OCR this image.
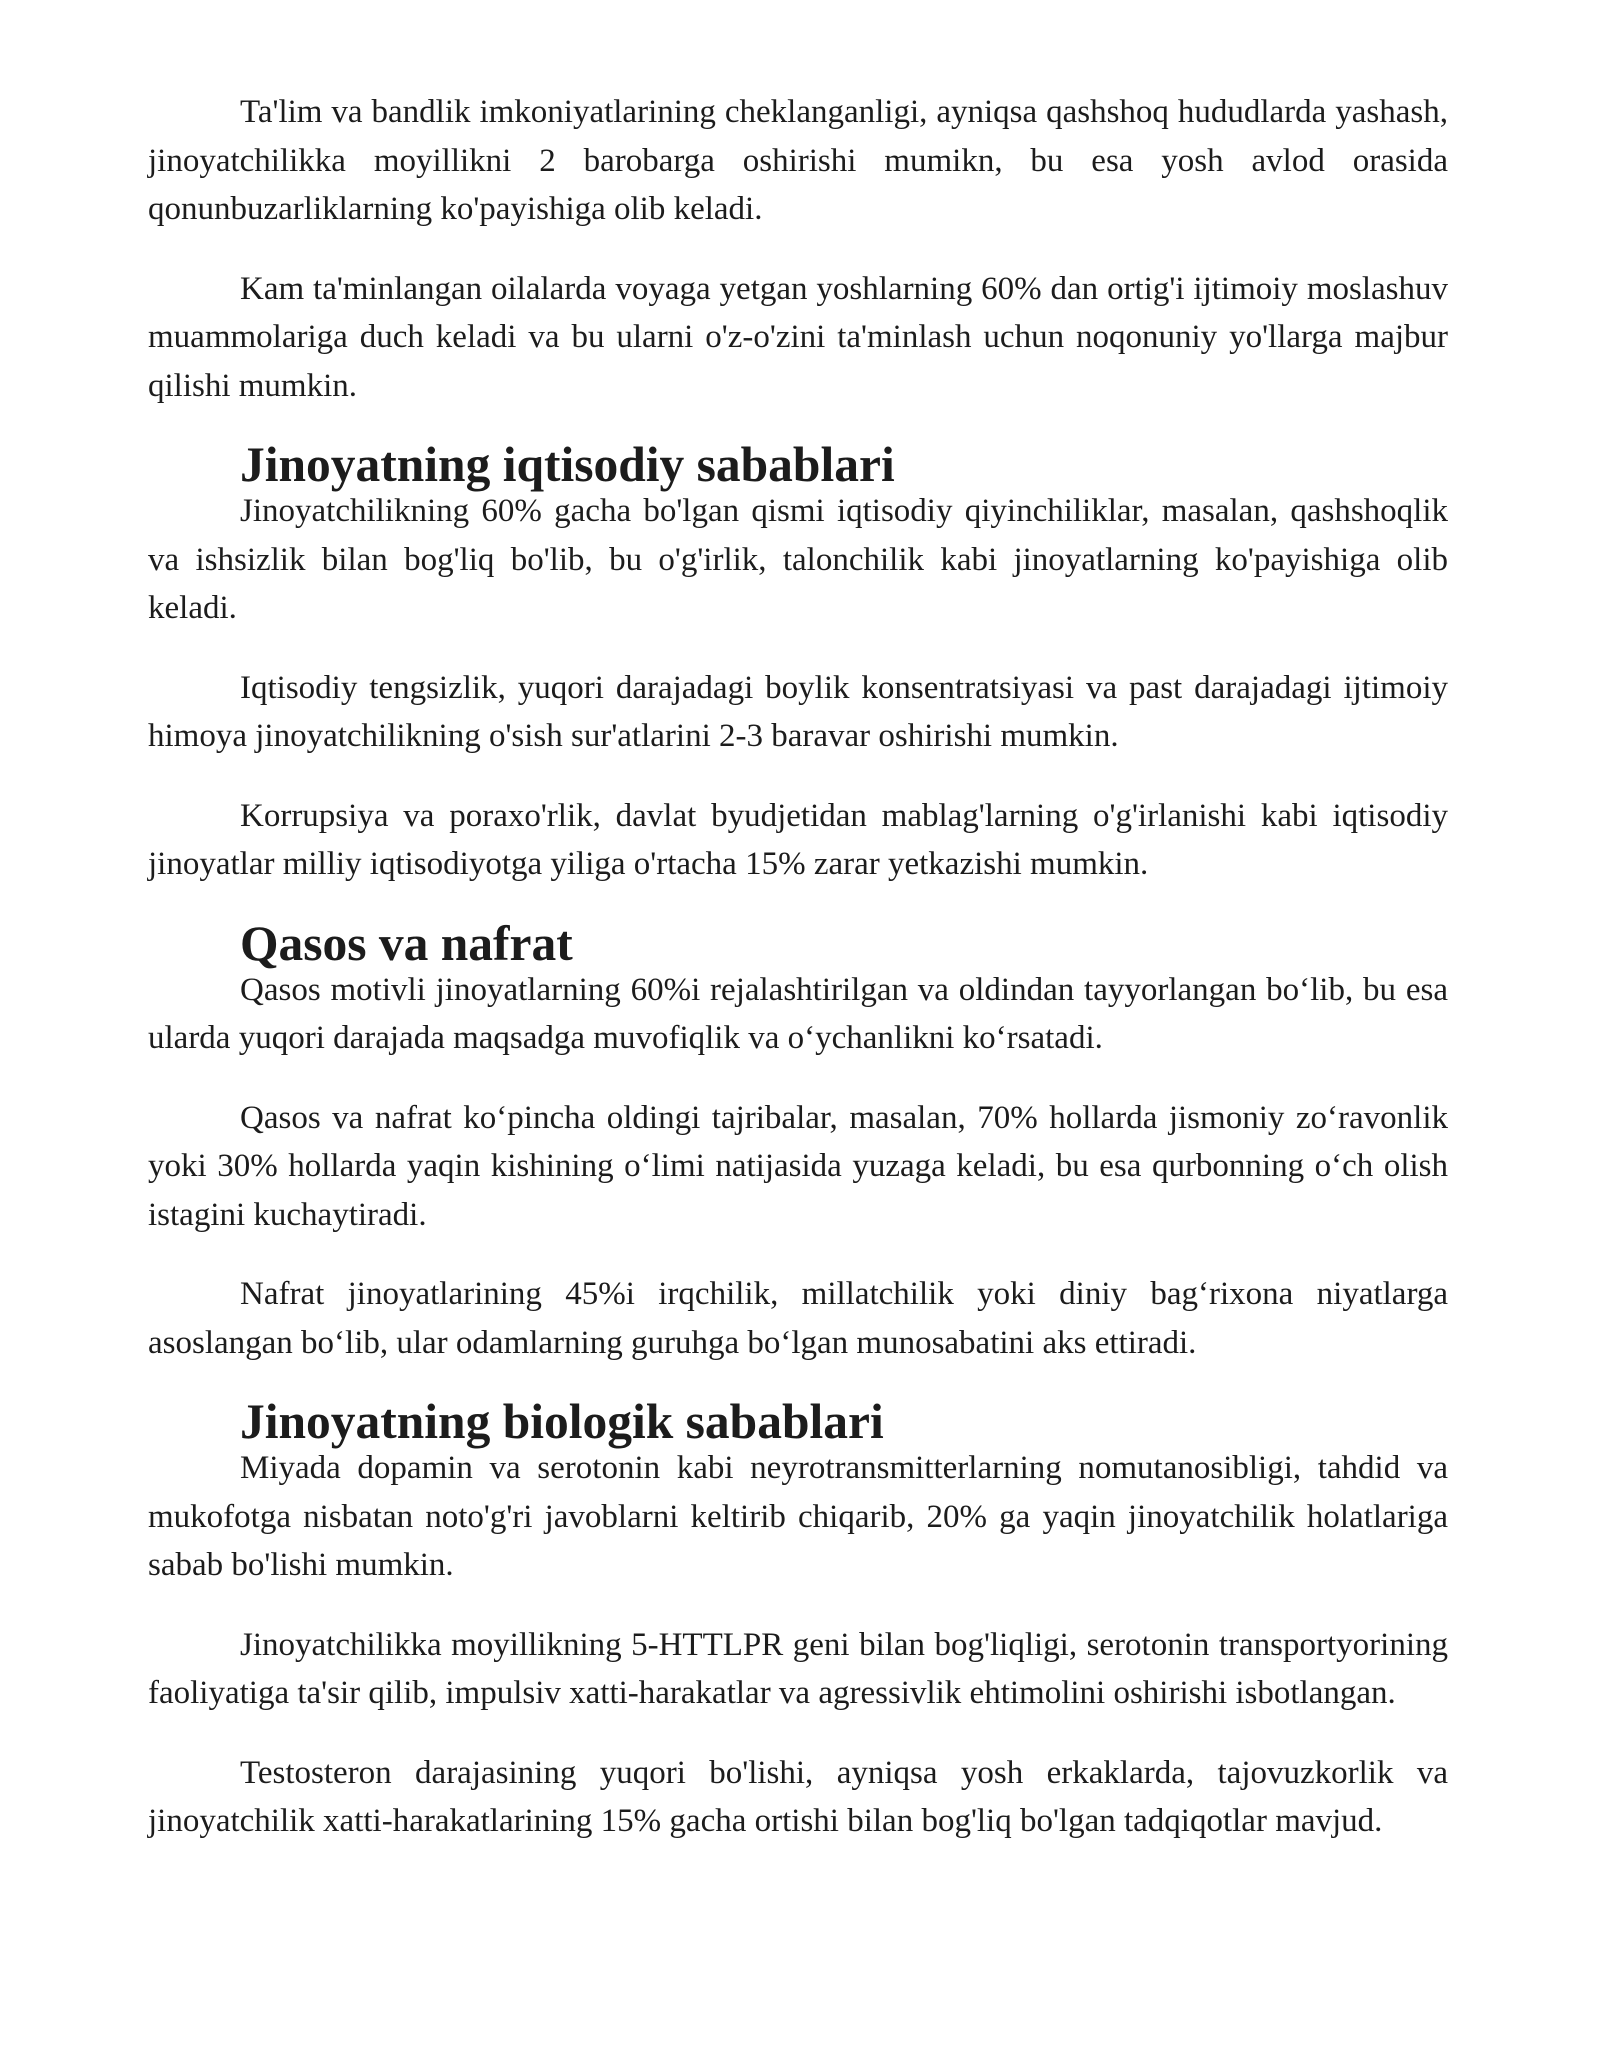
Ta'lim va bandlik imkoniyatlarining cheklanganligi, ayniqsa qashshoq hududlarda yashash, jinoyatchilikka moyillikni 2 barobarga oshirishi mumikn, bu esa yosh avlod orasida qonunbuzarliklarning ko'payishiga olib keladi.

Kam ta'minlangan oilalarda voyaga yetgan yoshlarning 60% dan ortig'i ijtimoiy moslashuv muammolariga duch keladi va bu ularni o'z-o'zini ta'minlash uchun noqonuniy yo'llarga majbur qilishi mumkin.

Jinoyatning iqtisodiy sabablari

Jinoyatchilikning 60% gacha bo'lgan qismi iqtisodiy qiyinchiliklar, masalan, qashshoqlik va ishsizlik bilan bog'liq bo'lib, bu o'g'irlik, talonchilik kabi jinoyatlarning ko'payishiga olib keladi.

Iqtisodiy tengsizlik, yuqori darajadagi boylik konsentratsiyasi va past darajadagi ijtimoiy himoya jinoyatchilikning o'sish sur'atlarini 2-3 baravar oshirishi mumkin.

Korrupsiya va poraxo'rlik, davlat byudjetidan mablag'larning o'g'irlanishi kabi iqtisodiy jinoyatlar milliy iqtisodiyotga yiliga o'rtacha 15% zarar yetkazishi mumkin.

Qasos va nafrat

Qasos motivli jinoyatlarning 60%i rejalashtirilgan va oldindan tayyorlangan bo‘lib, bu esa ularda yuqori darajada maqsadga muvofiqlik va o‘ychanlikni ko‘rsatadi.

Qasos va nafrat ko‘pincha oldingi tajribalar, masalan, 70% hollarda jismoniy zo‘ravonlik yoki 30% hollarda yaqin kishining o‘limi natijasida yuzaga keladi, bu esa qurbonning o‘ch olish istagini kuchaytiradi.

Nafrat jinoyatlarining 45%i irqchilik, millatchilik yoki diniy bag‘rixona niyatlarga asoslangan bo‘lib, ular odamlarning guruhga bo‘lgan munosabatini aks ettiradi.

Jinoyatning biologik sabablari

Miyada dopamin va serotonin kabi neyrotransmitterlarning nomutanosibligi, tahdid va mukofotga nisbatan noto'g'ri javoblarni keltirib chiqarib, 20% ga yaqin jinoyatchilik holatlariga sabab bo'lishi mumkin.

Jinoyatchilikka moyillikning 5-HTTLPR geni bilan bog'liqligi, serotonin transportyorining faoliyatiga ta'sir qilib, impulsiv xatti-harakatlar va agressivlik ehtimolini oshirishi isbotlangan.

Testosteron darajasining yuqori bo'lishi, ayniqsa yosh erkaklarda, tajovuzkorlik va jinoyatchilik xatti-harakatlarining 15% gacha ortishi bilan bog'liq bo'lgan tadqiqotlar mavjud.
